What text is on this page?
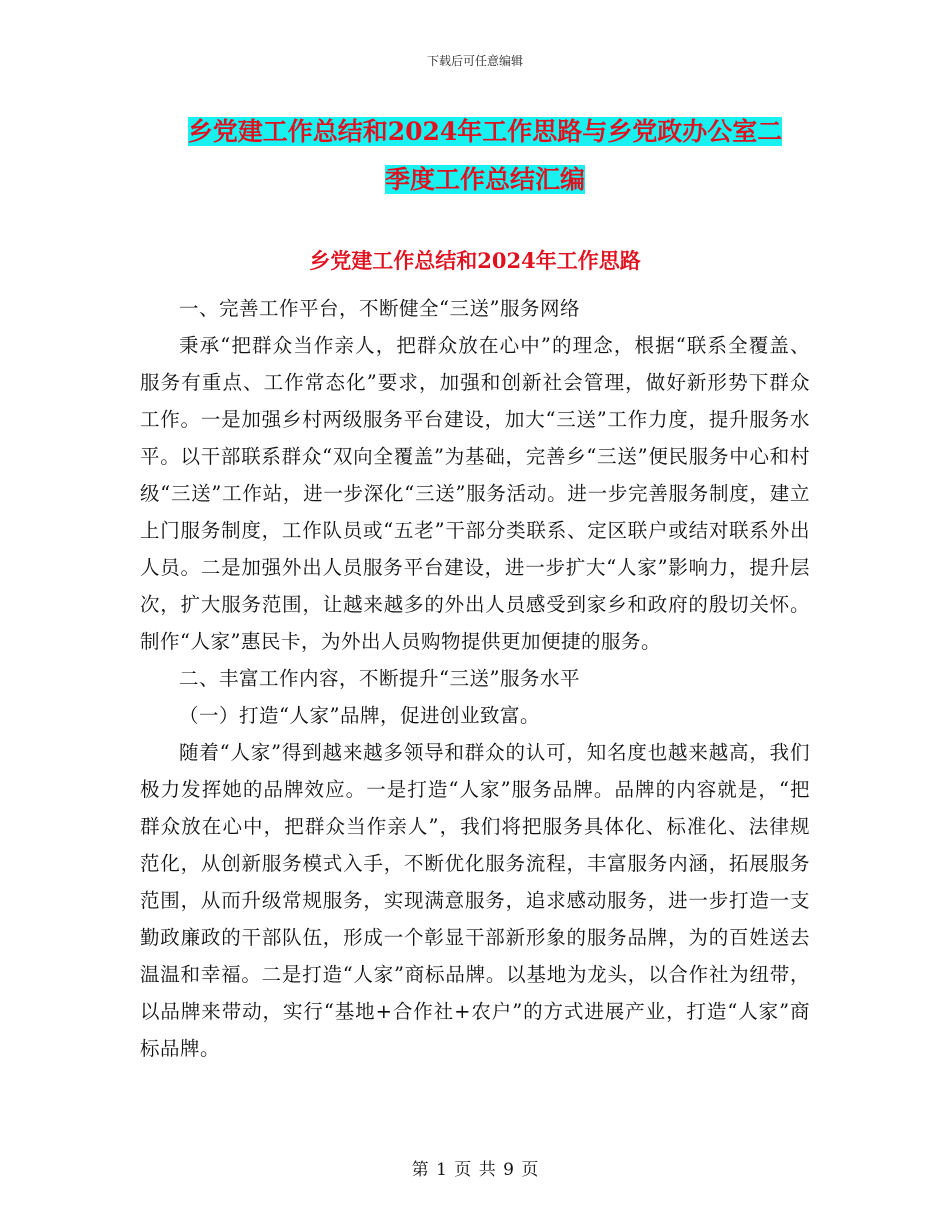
下载后可任意编辑
乡党建工作总结和2024年工作思路与乡党政办公室二
季度工作总结汇编
乡党建工作总结和2024年工作思路

一、完善工作平台，不断健全“三送”服务网络

秉承“把群众当作亲人，把群众放在心中”的理念，根据“联系全覆盖、服务有重点、工作常态化”要求，加强和创新社会管理，做好新形势下群众工作。一是加强乡村两级服务平台建设，加大“三送”工作力度，提升服务水平。以干部联系群众“双向全覆盖”为基础，完善乡“三送”便民服务中心和村级“三送”工作站，进一步深化“三送”服务活动。进一步完善服务制度，建立上门服务制度，工作队员或“五老”干部分类联系、定区联户或结对联系外出人员。二是加强外出人员服务平台建设，进一步扩大“人家”影响力，提升层次，扩大服务范围，让越来越多的外出人员感受到家乡和政府的殷切关怀。制作“人家”惠民卡，为外出人员购物提供更加便捷的服务。

二、丰富工作内容，不断提升“三送”服务水平

（一）打造“人家”品牌，促进创业致富。

随着“人家”得到越来越多领导和群众的认可，知名度也越来越高，我们极力发挥她的品牌效应。一是打造“人家”服务品牌。品牌的内容就是，“把群众放在心中，把群众当作亲人”，我们将把服务具体化、标准化、法律规范化，从创新服务模式入手，不断优化服务流程，丰富服务内涵，拓展服务范围，从而升级常规服务，实现满意服务，追求感动服务，进一步打造一支勤政廉政的干部队伍，形成一个彰显干部新形象的服务品牌，为的百姓送去温温和幸福。二是打造“人家”商标品牌。以基地为龙头，以合作社为纽带，以品牌来带动，实行“基地+合作社+农户”的方式进展产业，打造“人家”商标品牌。

第 1 页 共 9 页
